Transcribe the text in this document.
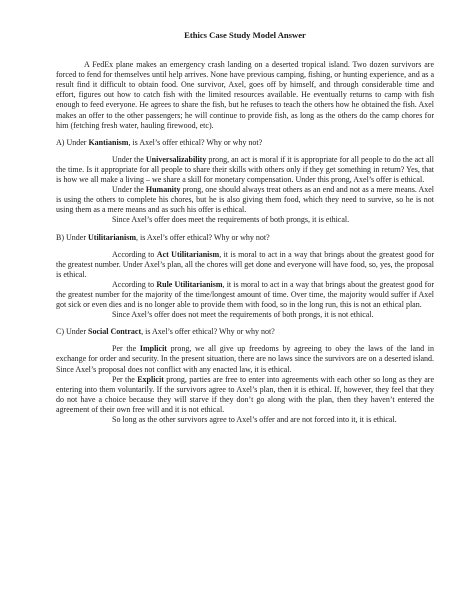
Ethics Case Study Model Answer

A FedEx plane makes an emergency crash landing on a deserted tropical island. Two dozen survivors are forced to fend for themselves until help arrives. None have previous camping, fishing, or hunting experience, and as a result find it difficult to obtain food. One survivor, Axel, goes off by himself, and through considerable time and effort, figures out how to catch fish with the limited resources available. He eventually returns to camp with fish enough to feed everyone. He agrees to share the fish, but he refuses to teach the others how he obtained the fish. Axel makes an offer to the other passengers; he will continue to provide fish, as long as the others do the camp chores for him (fetching fresh water, hauling firewood, etc).

A) Under Kantianism, is Axel’s offer ethical? Why or why not?

Under the Universalizability prong, an act is moral if it is appropriate for all people to do the act all the time. Is it appropriate for all people to share their skills with others only if they get something in return? Yes, that is how we all make a living – we share a skill for monetary compensation. Under this prong, Axel’s offer is ethical.

Under the Humanity prong, one should always treat others as an end and not as a mere means. Axel is using the others to complete his chores, but he is also giving them food, which they need to survive, so he is not using them as a mere means and as such his offer is ethical.

Since Axel’s offer does meet the requirements of both prongs, it is ethical.

B) Under Utilitarianism, is Axel’s offer ethical? Why or why not?

According to Act Utilitarianism, it is moral to act in a way that brings about the greatest good for the greatest number. Under Axel’s plan, all the chores will get done and everyone will have food, so, yes, the proposal is ethical.

According to Rule Utilitarianism, it is moral to act in a way that brings about the greatest good for the greatest number for the majority of the time/longest amount of time. Over time, the majority would suffer if Axel got sick or even dies and is no longer able to provide them with food, so in the long run, this is not an ethical plan.

Since Axel’s offer does not meet the requirements of both prongs, it is not ethical.

C) Under Social Contract, is Axel’s offer ethical? Why or why not?

Per the Implicit prong, we all give up freedoms by agreeing to obey the laws of the land in exchange for order and security. In the present situation, there are no laws since the survivors are on a deserted island. Since Axel’s proposal does not conflict with any enacted law, it is ethical.

Per the Explicit prong, parties are free to enter into agreements with each other so long as they are entering into them voluntarily. If the survivors agree to Axel’s plan, then it is ethical. If, however, they feel that they do not have a choice because they will starve if they don’t go along with the plan, then they haven’t entered the agreement of their own free will and it is not ethical.

So long as the other survivors agree to Axel’s offer and are not forced into it, it is ethical.
